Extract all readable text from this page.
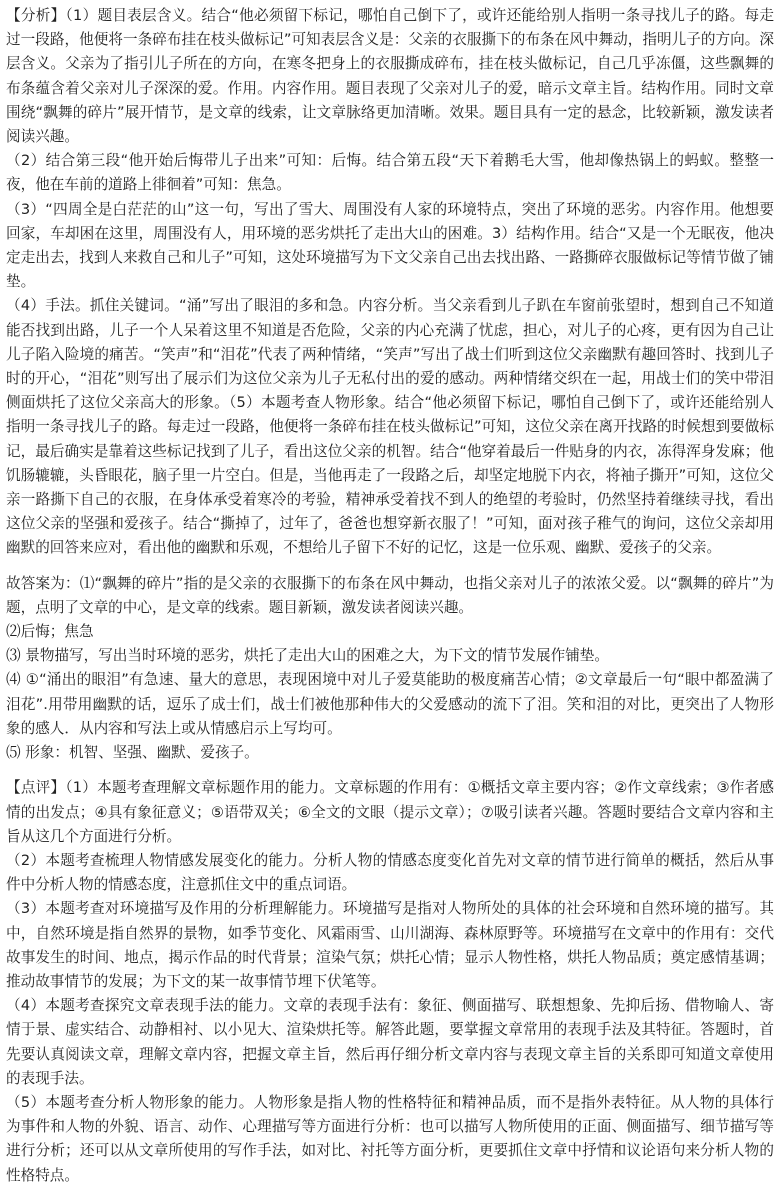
【分析】（1）题目表层含义。结合“他必须留下标记，哪怕自己倒下了，或许还能给别人指明一条寻找儿子的路。每走过一段路，他便将一条碎布挂在枝头做标记”可知表层含义是：父亲的衣服撕下的布条在风中舞动，指明儿子的方向。深层含义。父亲为了指引儿子所在的方向，在寒冬把身上的衣服撕成碎布，挂在枝头做标记，自己几乎冻僵，这些飘舞的布条蕴含着父亲对儿子深深的爱。作用。内容作用。题目表现了父亲对儿子的爱，暗示文章主旨。结构作用。同时文章围绕“飘舞的碎片”展开情节，是文章的线索，让文章脉络更加清晰。效果。题目具有一定的悬念，比较新颖，激发读者阅读兴趣。

（2）结合第三段“他开始后悔带儿子出来”可知：后悔。结合第五段“天下着鹅毛大雪，他却像热锅上的蚂蚁。整整一夜，他在车前的道路上徘徊着”可知：焦急。

（3）“四周全是白茫茫的山”这一句，写出了雪大、周围没有人家的环境特点，突出了环境的恶劣。内容作用。他想要回家，车却困在这里，周围没有人，用环境的恶劣烘托了走出大山的困难。3）结构作用。结合“又是一个无眠夜，他决定走出去，找到人来救自己和儿子”可知，这处环境描写为下文父亲自己出去找出路、一路撕碎衣服做标记等情节做了铺垫。

（4）手法。抓住关键词。“涌”写出了眼泪的多和急。内容分析。当父亲看到儿子趴在车窗前张望时，想到自己不知道能否找到出路，儿子一个人呆着这里不知道是否危险，父亲的内心充满了忧虑，担心，对儿子的心疼，更有因为自己让儿子陷入险境的痛苦。“笑声”和“泪花”代表了两种情绪，“笑声”写出了战士们听到这位父亲幽默有趣回答时、找到儿子时的开心，“泪花”则写出了展示们为这位父亲为儿子无私付出的爱的感动。两种情绪交织在一起，用战士们的笑中带泪侧面烘托了这位父亲高大的形象。（5）本题考查人物形象。结合“他必须留下标记，哪怕自己倒下了，或许还能给别人指明一条寻找儿子的路。每走过一段路，他便将一条碎布挂在枝头做标记”可知，这位父亲在离开找路的时候想到要做标记，最后确实是靠着这些标记找到了儿子，看出这位父亲的机智。结合“他穿着最后一件贴身的内衣，冻得浑身发麻；他饥肠辘辘，头昏眼花，脑子里一片空白。但是，当他再走了一段路之后，却坚定地脱下内衣，将袖子撕开”可知，这位父亲一路撕下自己的衣服，在身体承受着寒冷的考验，精神承受着找不到人的绝望的考验时，仍然坚持着继续寻找，看出这位父亲的坚强和爱孩子。结合“撕掉了，过年了，爸爸也想穿新衣服了！”可知，面对孩子稚气的询问，这位父亲却用幽默的回答来应对，看出他的幽默和乐观，不想给儿子留下不好的记忆，这是一位乐观、幽默、爱孩子的父亲。

故答案为：⑴“飘舞的碎片”指的是父亲的衣服撕下的布条在风中舞动，也指父亲对儿子的浓浓父爱。以“飘舞的碎片”为题，点明了文章的中心，是文章的线索。题目新颖，激发读者阅读兴趣。

⑵后悔；焦急

⑶ 景物描写，写出当时环境的恶劣，烘托了走出大山的困难之大，为下文的情节发展作铺垫。

⑷ ①“涌出的眼泪”有急速、量大的意思，表现困境中对儿子爱莫能助的极度痛苦心情；②文章最后一句“眼中都盈满了泪花”.用带用幽默的话，逗乐了成士们，战士们被他那种伟大的父爱感动的流下了泪。笑和泪的对比，更突出了人物形象的感人．从内容和写法上或从情感启示上写均可。

⑸ 形象：机智、坚强、幽默、爱孩子。

【点评】（1）本题考查理解文章标题作用的能力。文章标题的作用有：①概括文章主要内容；②作文章线索；③作者感情的出发点；④具有象征意义；⑤语带双关；⑥全文的文眼（提示文章）；⑦吸引读者兴趣。答题时要结合文章内容和主旨从这几个方面进行分析。

（2）本题考查梳理人物情感发展变化的能力。分析人物的情感态度变化首先对文章的情节进行简单的概括，然后从事件中分析人物的情感态度，注意抓住文中的重点词语。

（3）本题考查对环境描写及作用的分析理解能力。环境描写是指对人物所处的具体的社会环境和自然环境的描写。其中，自然环境是指自然界的景物，如季节变化、风霜雨雪、山川湖海、森林原野等。环境描写在文章中的作用有：交代故事发生的时间、地点，揭示作品的时代背景；渲染气氛；烘托心情；显示人物性格，烘托人物品质；奠定感情基调；推动故事情节的发展；为下文的某一故事情节埋下伏笔等。

（4）本题考查探究文章表现手法的能力。文章的表现手法有：象征、侧面描写、联想想象、先抑后扬、借物喻人、寄情于景、虚实结合、动静相衬、以小见大、渲染烘托等。解答此题，要掌握文章常用的表现手法及其特征。答题时，首先要认真阅读文章，理解文章内容，把握文章主旨，然后再仔细分析文章内容与表现文章主旨的关系即可知道文章使用的表现手法。

（5）本题考查分析人物形象的能力。人物形象是指人物的性格特征和精神品质，而不是指外表特征。从人物的具体行为事件和人物的外貌、语言、动作、心理描写等方面进行分析：也可以描写人物所使用的正面、侧面描写、细节描写等进行分析；还可以从文章所使用的写作手法，如对比、衬托等方面分析，更要抓住文章中抒情和议论语句来分析人物的性格特点。
